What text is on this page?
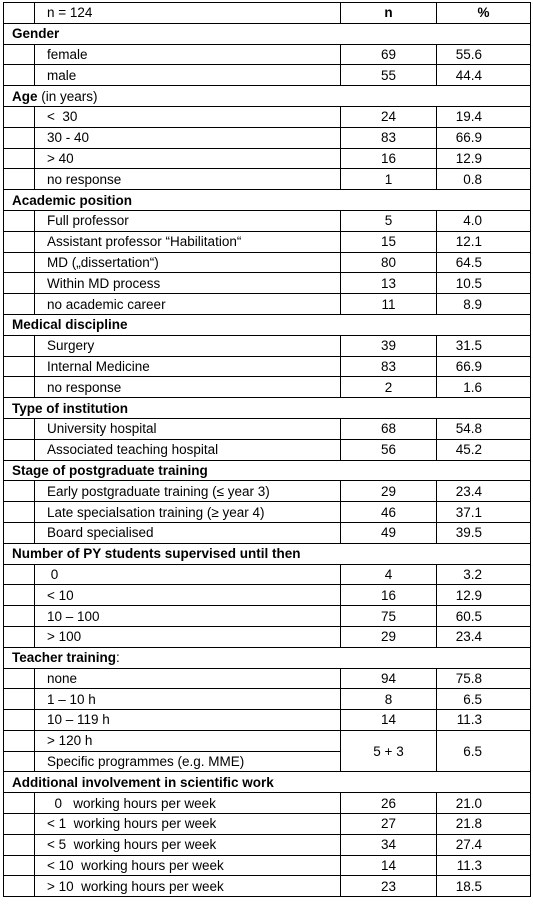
	n = 124	n	%
Gender			
	female	69	55.6
	male	55	44.4
Age (in years)			
	<  30	24	19.4
	30 - 40	83	66.9
	> 40	16	12.9
	no response	1	0.8
Academic position			
	Full professor	5	4.0
	Assistant professor “Habilitation“	15	12.1
	MD („dissertation“)	80	64.5
	Within MD process	13	10.5
	no academic career	11	8.9
Medical discipline			
	Surgery	39	31.5
	Internal Medicine	83	66.9
	no response	2	1.6
Type of institution			
	University hospital	68	54.8
	Associated teaching hospital	56	45.2
Stage of postgraduate training			
	Early postgraduate training (≤ year 3)	29	23.4
	Late specialsation training (≥ year 4)	46	37.1
	Board specialised	49	39.5
Number of PY students supervised until then			
	0	4	3.2
	< 10	16	12.9
	10 – 100	75	60.5
	> 100	29	23.4
Teacher training:			
	none	94	75.8
	1 – 10 h	8	6.5
	10 – 119 h	14	11.3
	> 120 h	5 + 3	6.5
	Specific programmes (e.g. MME)		
Additional involvement in scientific work			
	0   working hours per week	26	21.0
	< 1  working hours per week	27	21.8
	< 5  working hours per week	34	27.4
	< 10  working hours per week	14	11.3
	> 10  working hours per week	23	18.5
